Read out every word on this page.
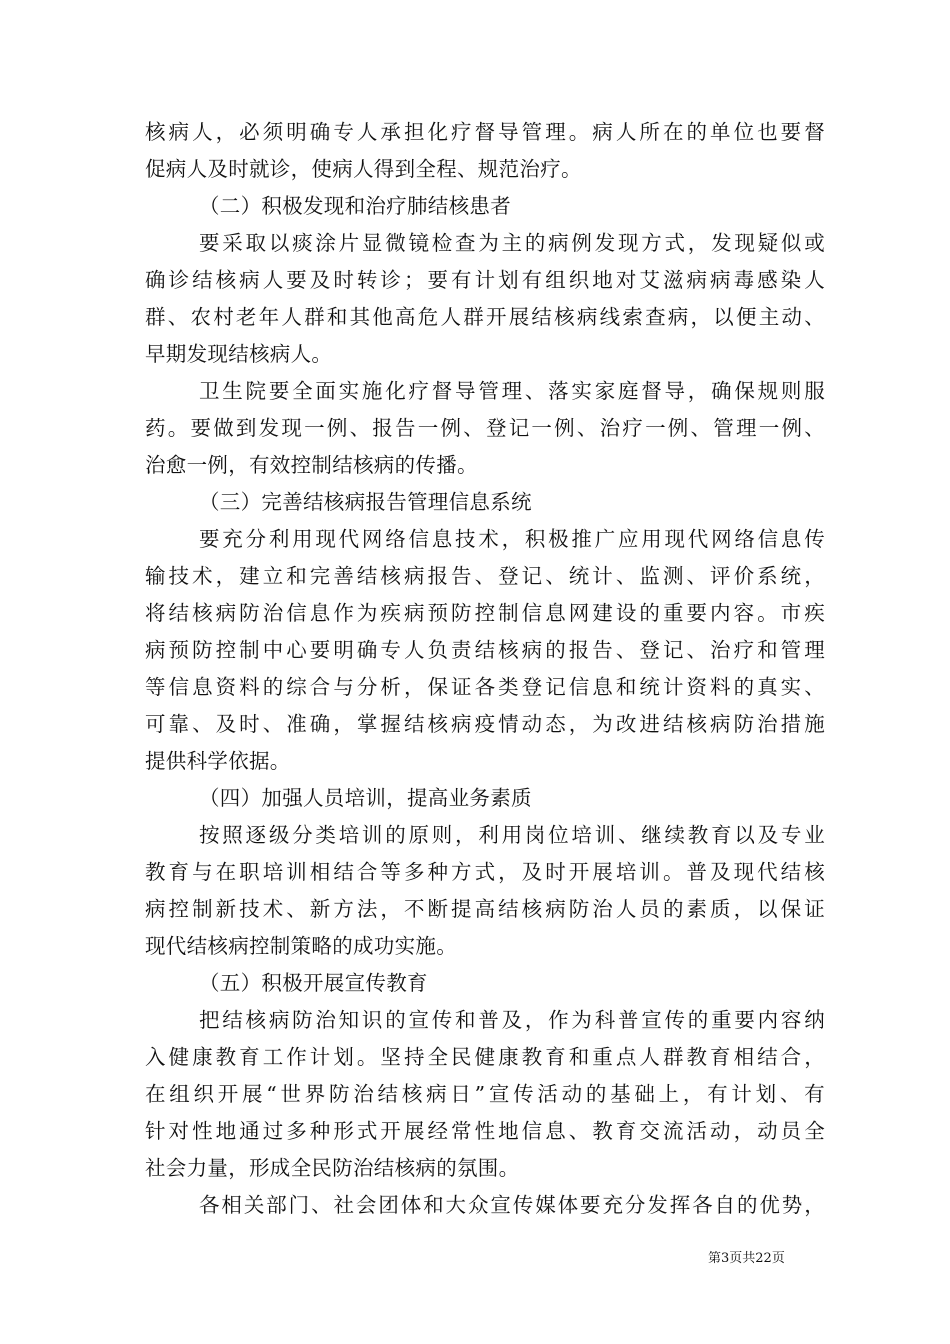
核病人，必须明确专人承担化疗督导管理。病人所在的单位也要督
促病人及时就诊，使病人得到全程、规范治疗。
（二）积极发现和治疗肺结核患者
要采取以痰涂片显微镜检查为主的病例发现方式，发现疑似或
确诊结核病人要及时转诊；要有计划有组织地对艾滋病病毒感染人
群、农村老年人群和其他高危人群开展结核病线索查病，以便主动、
早期发现结核病人。
卫生院要全面实施化疗督导管理、落实家庭督导，确保规则服
药。要做到发现一例、报告一例、登记一例、治疗一例、管理一例、
治愈一例，有效控制结核病的传播。
（三）完善结核病报告管理信息系统
要充分利用现代网络信息技术，积极推广应用现代网络信息传
输技术，建立和完善结核病报告、登记、统计、监测、评价系统，
将结核病防治信息作为疾病预防控制信息网建设的重要内容。市疾
病预防控制中心要明确专人负责结核病的报告、登记、治疗和管理
等信息资料的综合与分析，保证各类登记信息和统计资料的真实、
可靠、及时、准确，掌握结核病疫情动态，为改进结核病防治措施
提供科学依据。
（四）加强人员培训，提高业务素质
按照逐级分类培训的原则，利用岗位培训、继续教育以及专业
教育与在职培训相结合等多种方式，及时开展培训。普及现代结核
病控制新技术、新方法，不断提高结核病防治人员的素质，以保证
现代结核病控制策略的成功实施。
（五）积极开展宣传教育
把结核病防治知识的宣传和普及，作为科普宣传的重要内容纳
入健康教育工作计划。坚持全民健康教育和重点人群教育相结合，
在组织开展“世界防治结核病日”宣传活动的基础上，有计划、有
针对性地通过多种形式开展经常性地信息、教育交流活动，动员全
社会力量，形成全民防治结核病的氛围。
各相关部门、社会团体和大众宣传媒体要充分发挥各自的优势，
第3页共22页
